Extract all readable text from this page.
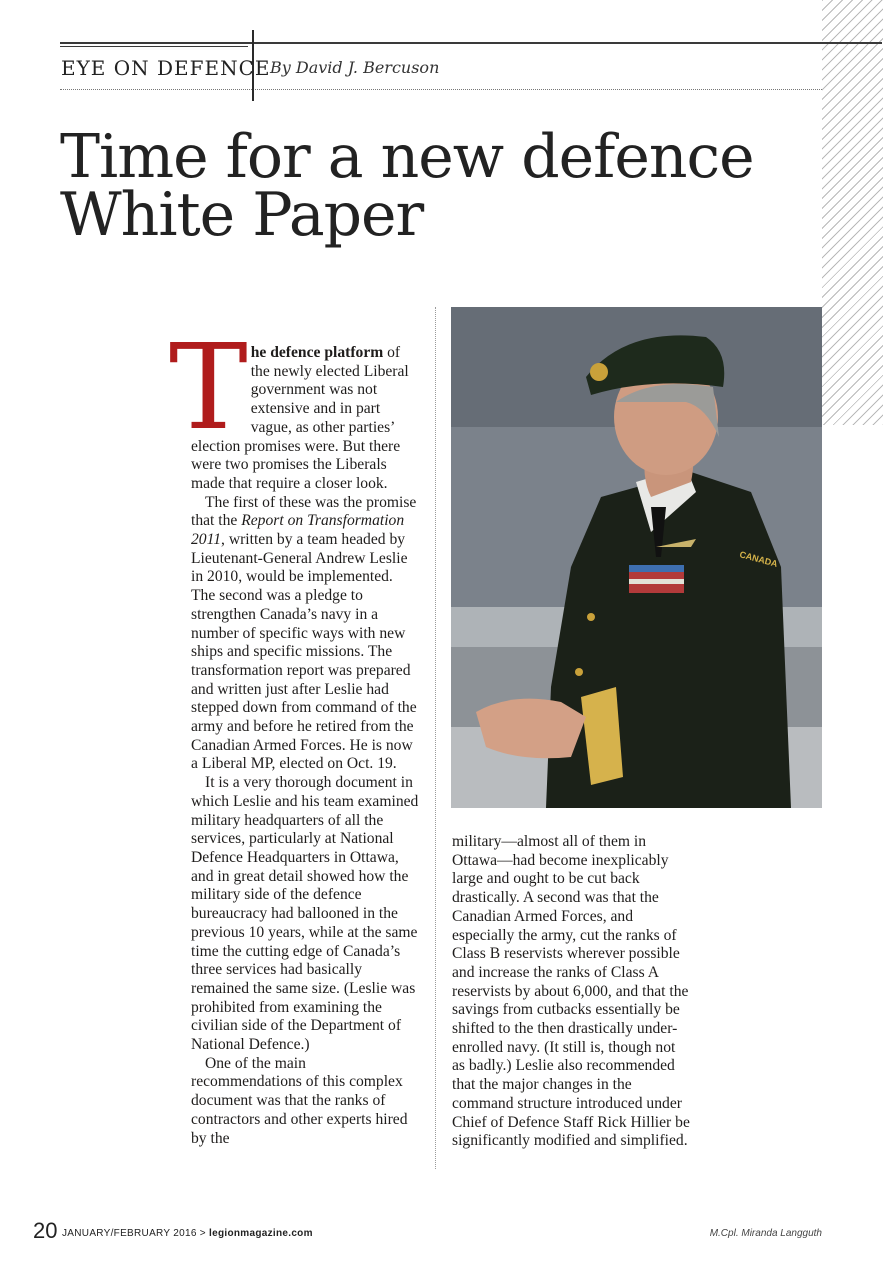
EYE ON DEFENCE By David J. Bercuson
Time for a new defence White Paper

The defence platform of the newly elected Liberal government was not extensive and in part vague, as other parties’ election promises were. But there were two promises the Liberals made that require a closer look.

The first of these was the promise that the Report on Transformation 2011, written by a team headed by Lieutenant-General Andrew Leslie in 2010, would be implemented. The second was a pledge to strengthen Canada’s navy in a number of specific ways with new ships and specific missions. The transformation report was prepared and written just after Leslie had stepped down from command of the army and before he retired from the Canadian Armed Forces. He is now a Liberal MP, elected on Oct. 19.

It is a very thorough document in which Leslie and his team examined military headquarters of all the services, particularly at National Defence Headquarters in Ottawa, and in great detail showed how the military side of the defence bureaucracy had ballooned in the previous 10 years, while at the same time the cutting edge of Canada’s three services had basically remained the same size. (Leslie was prohibited from examining the civilian side of the Department of National Defence.)

One of the main recommendations of this complex document was that the ranks of contractors and other experts hired by the

CANADA

military—almost all of them in Ottawa—had become inexplicably large and ought to be cut back drastically. A second was that the Canadian Armed Forces, and especially the army, cut the ranks of Class B reservists wherever possible and increase the ranks of Class A reservists by about 6,000, and that the savings from cutbacks essentially be shifted to the then drastically under-enrolled navy. (It still is, though not as badly.) Leslie also recommended that the major changes in the command structure introduced under Chief of Defence Staff Rick Hillier be significantly modified and simplified.

20 JANUARY/FEBRUARY 2016 > legionmagazine.com	M.Cpl. Miranda Langguth
